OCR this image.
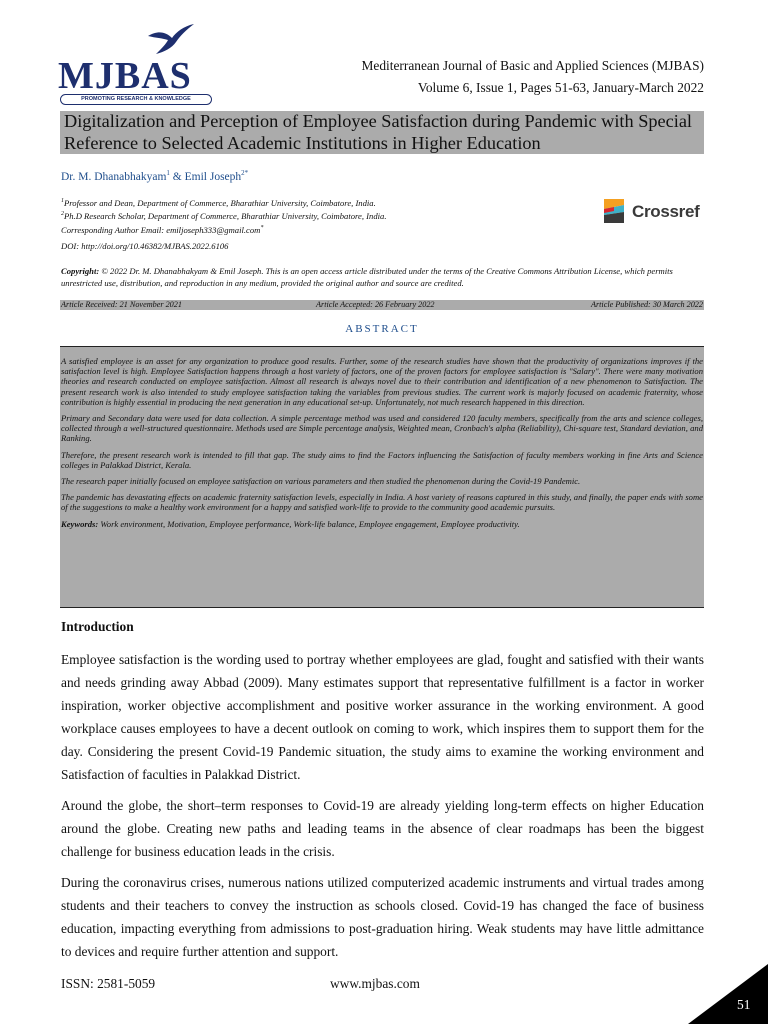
MJBAS
PROMOTING RESEARCH & KNOWLEDGE
Mediterranean Journal of Basic and Applied Sciences (MJBAS)
Volume 6, Issue 1, Pages 51-63, January-March 2022
Digitalization and Perception of Employee Satisfaction during Pandemic with Special Reference to Selected Academic Institutions in Higher Education
Dr. M. Dhanabhakyam$^1$ & Emil Joseph$^{2*}$
$^1$Professor and Dean, Department of Commerce, Bharathiar University, Coimbatore, India.
$^2$Ph.D Research Scholar, Department of Commerce, Bharathiar University, Coimbatore, India.
Corresponding Author Email: emiljoseph333@gmail.com*
Crossref
DOI: http://doi.org/10.46382/MJBAS.2022.6106
Copyright: © 2022 Dr. M. Dhanabhakyam & Emil Joseph. This is an open access article distributed under the terms of the Creative Commons Attribution License, which permits unrestricted use, distribution, and reproduction in any medium, provided the original author and source are credited.
Article Received: 21 November 2021	Article Accepted: 26 February 2022	Article Published: 30 March 2022
ABSTRACT

A satisfied employee is an asset for any organization to produce good results. Further, some of the research studies have shown that the productivity of organizations improves if the satisfaction level is high. Employee Satisfaction happens through a host variety of factors, one of the proven factors for employee satisfaction is "Salary". There were many motivation theories and research conducted on employee satisfaction. Almost all research is always novel due to their contribution and identification of a new phenomenon to Satisfaction. The present research work is also intended to study employee satisfaction taking the variables from previous studies. The current work is majorly focused on academic fraternity, whose contribution is highly essential in producing the next generation in any educational set-up. Unfortunately, not much research happened in this direction.

Primary and Secondary data were used for data collection. A simple percentage method was used and considered 120 faculty members, specifically from the arts and science colleges, collected through a well-structured questionnaire. Methods used are Simple percentage analysis, Weighted mean, Cronbach's alpha (Reliability), Chi-square test, Standard deviation, and Ranking.

Therefore, the present research work is intended to fill that gap. The study aims to find the Factors influencing the Satisfaction of faculty members working in fine Arts and Science colleges in Palakkad District, Kerala.

The research paper initially focused on employee satisfaction on various parameters and then studied the phenomenon during the Covid-19 Pandemic.

The pandemic has devastating effects on academic fraternity satisfaction levels, especially in India. A host variety of reasons captured in this study, and finally, the paper ends with some of the suggestions to make a healthy work environment for a happy and satisfied work-life to provide to the community good academic pursuits.

Keywords: Work environment, Motivation, Employee performance, Work-life balance, Employee engagement, Employee productivity.

Introduction

Employee satisfaction is the wording used to portray whether employees are glad, fought and satisfied with their wants and needs grinding away Abbad (2009). Many estimates support that representative fulfillment is a factor in worker inspiration, worker objective accomplishment and positive worker assurance in the working environment. A good workplace causes employees to have a decent outlook on coming to work, which inspires them to support them for the day. Considering the present Covid-19 Pandemic situation, the study aims to examine the working environment and Satisfaction of faculties in Palakkad District.

Around the globe, the short–term responses to Covid-19 are already yielding long-term effects on higher Education around the globe. Creating new paths and leading teams in the absence of clear roadmaps has been the biggest challenge for business education leads in the crisis.

During the coronavirus crises, numerous nations utilized computerized academic instruments and virtual trades among students and their teachers to convey the instruction as schools closed. Covid-19 has changed the face of business education, impacting everything from admissions to post-graduation hiring. Weak students may have little admittance to devices and require further attention and support.

ISSN: 2581-5059	www.mjbas.com
51
